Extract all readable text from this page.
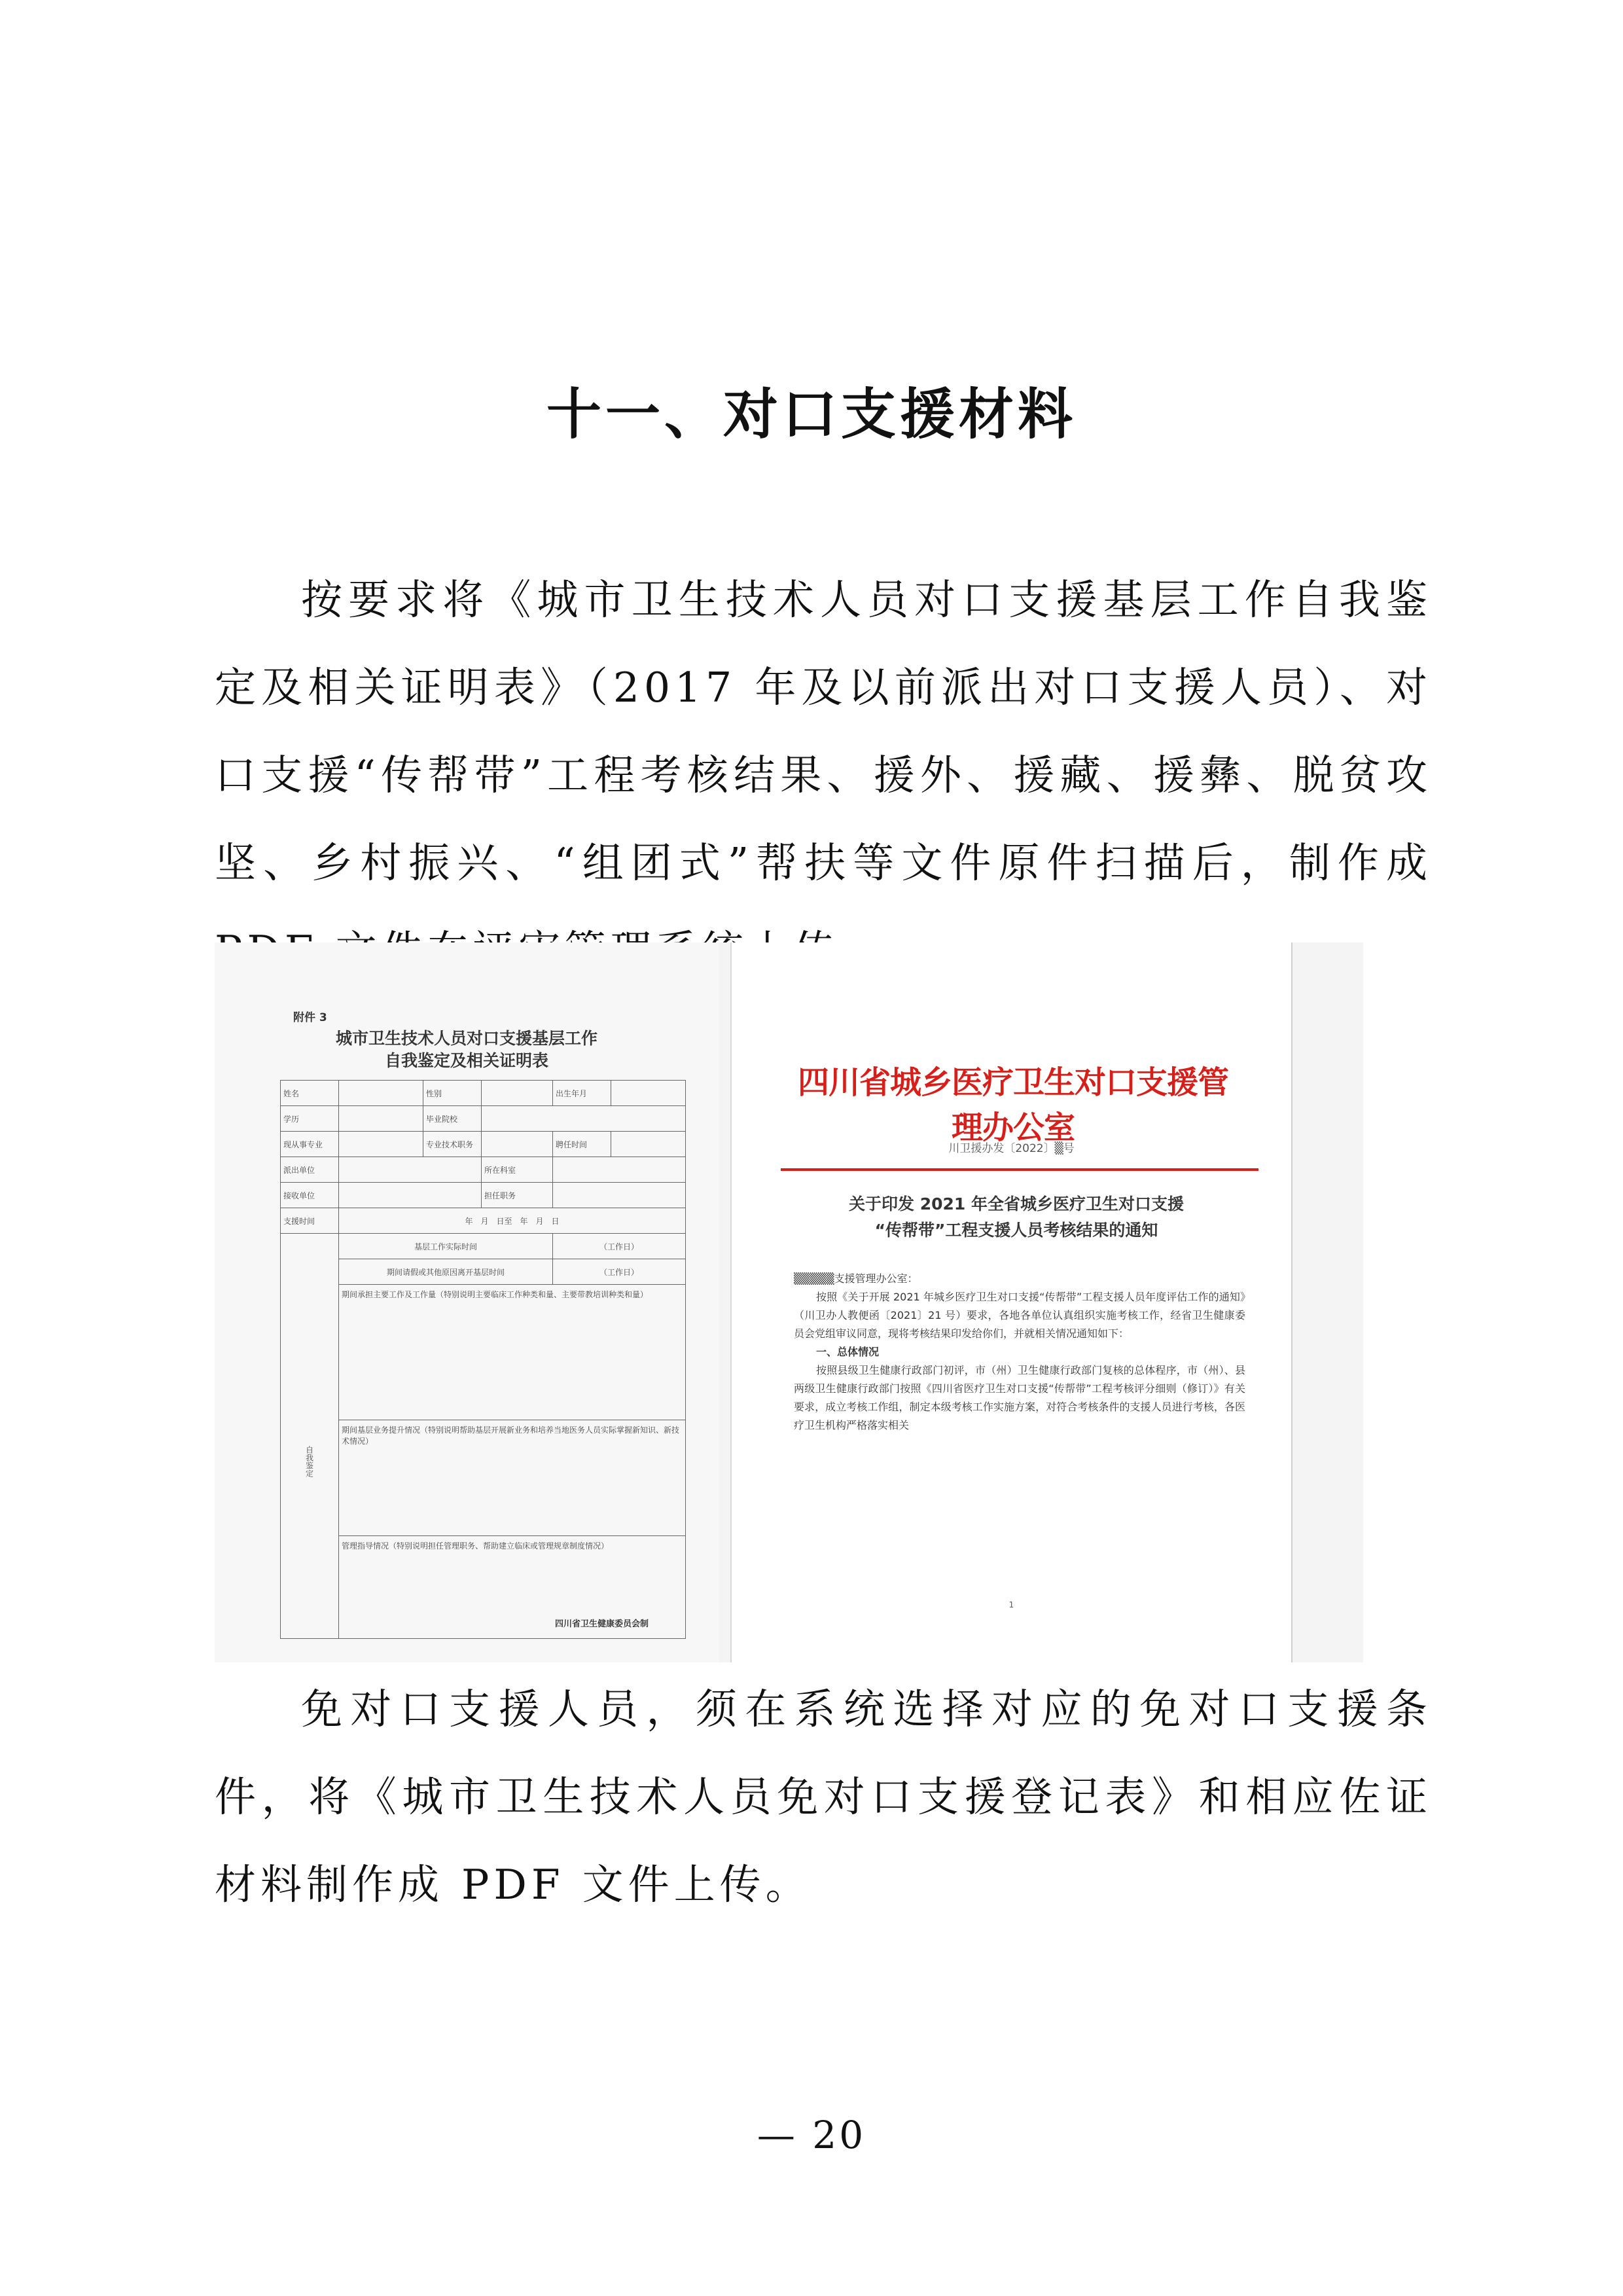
十一、对口支援材料

按要求将《城市卫生技术人员对口支援基层工作自我鉴定及相关证明表》（2017 年及以前派出对口支援人员）、对口支援“传帮带”工程考核结果、援外、援藏、援彝、脱贫攻坚、乡村振兴、“组团式”帮扶等文件原件扫描后，制作成

附件 3
城市卫生技术人员对口支援基层工作
自我鉴定及相关证明表
姓名		性别		出生年月	
学历		毕业院校			
现从事专业		专业技术职务		聘任时间	
派出单位			所在科室		
接收单位			担任职务		
支援时间	年　月　日至　年　月　日				
	基层工作实际时间			（工作日）	
	期间请假或其他原因离开基层时间			（工作日）	
自我鉴定	期间承担主要工作及工作量（特别说明主要临床工作种类和量、主要带教培训种类和量）				
	期间基层业务提升情况（特别说明帮助基层开展新业务和培养当地医务人员实际掌握新知识、新技术情况）				
	管理指导情况（特别说明担任管理职务、帮助建立临床或管理规章制度情况）				
四川省卫生健康委员会制
四川省城乡医疗卫生对口支援管理办公室
川卫援办发〔2022〕▒号
关于印发 2021 年全省城乡医疗卫生对口支援
“传帮带”工程支援人员考核结果的通知

▒▒▒▒▒支援管理办公室：

按照《关于开展 2021 年城乡医疗卫生对口支援“传帮带”工程支援人员年度评估工作的通知》（川卫办人教便函〔2021〕21 号）要求，各地各单位认真组织实施考核工作，经省卫生健康委员会党组审议同意，现将考核结果印发给你们，并就相关情况通知如下：

一、总体情况

按照县级卫生健康行政部门初评，市（州）卫生健康行政部门复核的总体程序，市（州）、县两级卫生健康行政部门按照《四川省医疗卫生对口支援“传帮带”工程考核评分细则（修订）》有关要求，成立考核工作组，制定本级考核工作实施方案，对符合考核条件的支援人员进行考核，各医疗卫生机构严格落实相关

1

免对口支援人员，须在系统选择对应的免对口支援条件，将《城市卫生技术人员免对口支援登记表》和相应佐证材料制作成 PDF 文件上传。

— 20
